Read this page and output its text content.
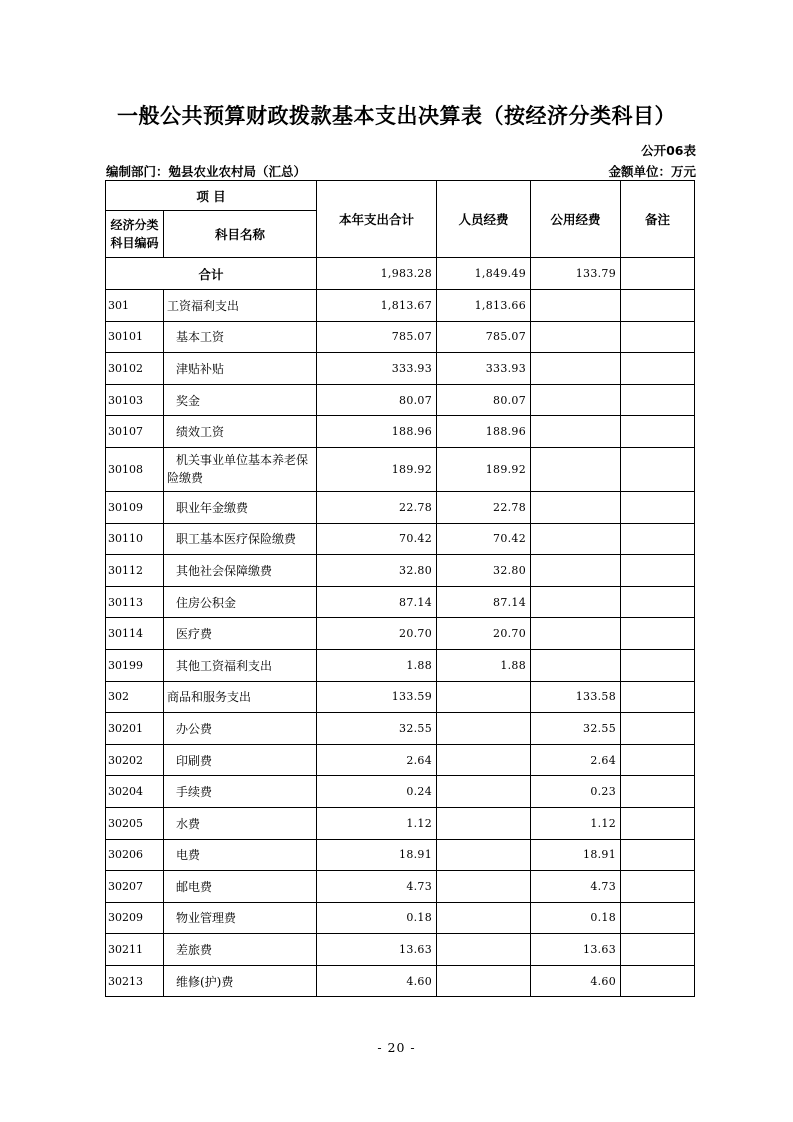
一般公共预算财政拨款基本支出决算表（按经济分类科目）
公开06表
编制部门：勉县农业农村局（汇总）	金额单位：万元
项 目		本年支出合计	人员经费	公用经费	备注

经济分类
科目编码	科目名称				
合计		1,983.28	1,849.49	133.79	
301	工资福利支出	1,813.67	1,813.66		
30101	基本工资	785.07	785.07		
30102	津贴补贴	333.93	333.93		
30103	奖金	80.07	80.07		
30107	绩效工资	188.96	188.96		
30108	机关事业单位基本养老保
险缴费	189.92	189.92		
30109	职业年金缴费	22.78	22.78		
30110	职工基本医疗保险缴费	70.42	70.42		
30112	其他社会保障缴费	32.80	32.80		
30113	住房公积金	87.14	87.14		
30114	医疗费	20.70	20.70		
30199	其他工资福利支出	1.88	1.88		
302	商品和服务支出	133.59		133.58	
30201	办公费	32.55		32.55	
30202	印刷费	2.64		2.64	
30204	手续费	0.24		0.23	
30205	水费	1.12		1.12	
30206	电费	18.91		18.91	
30207	邮电费	4.73		4.73	
30209	物业管理费	0.18		0.18	
30211	差旅费	13.63		13.63	
30213	维修(护)费	4.60		4.60	
- 20 -
